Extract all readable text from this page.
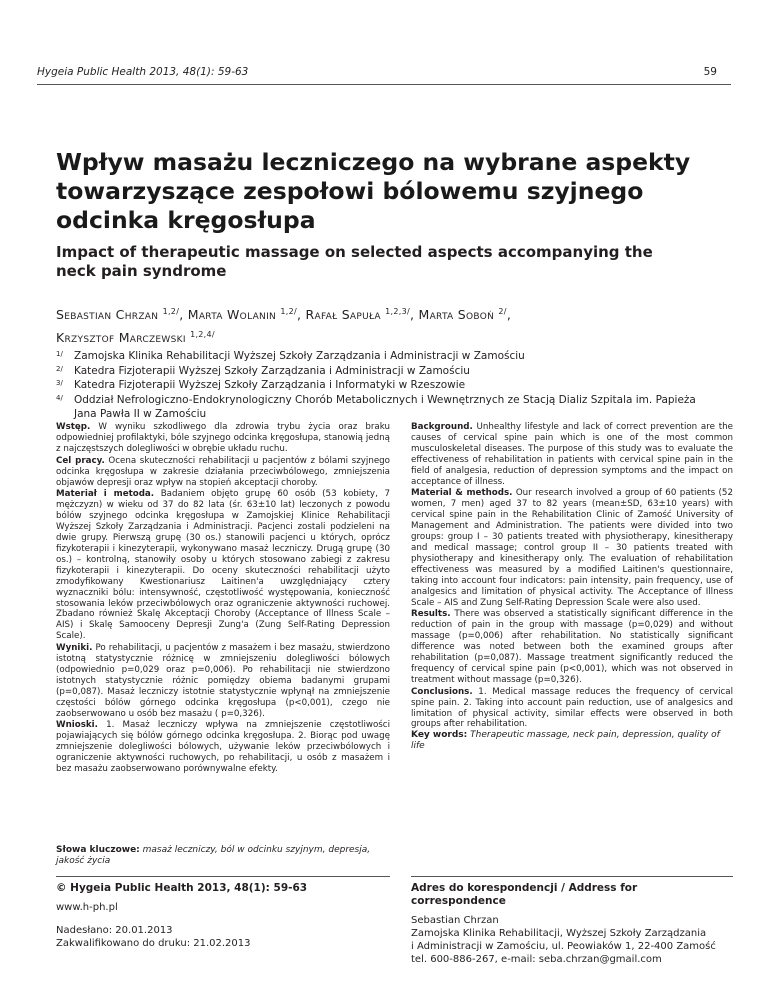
Hygeia Public Health 2013, 48(1): 59-63	59
Wpływ masażu leczniczego na wybrane aspekty towarzyszące zespołowi bólowemu szyjnego odcinka kręgosłupa
Impact of therapeutic massage on selected aspects accompanying the neck pain syndrome
Sebastian Chrzan $^{1,2/}$, Marta Wolanin $^{1,2/}$, Rafał Sapuła $^{1,2,3/}$, Marta Soboń $^{2/}$,
Krzysztof Marczewski $^{1,2,4/}$
1/ Zamojska Klinika Rehabilitacji Wyższej Szkoły Zarządzania i Administracji w Zamościu
2/ Katedra Fizjoterapii Wyższej Szkoły Zarządzania i Administracji w Zamościu
3/ Katedra Fizjoterapii Wyższej Szkoły Zarządzania i Informatyki w Rzeszowie
4/ Oddział Nefrologiczno-Endokrynologiczny Chorób Metabolicznych i Wewnętrznych ze Stacją Dializ Szpitala im. Papieża Jana Pawła II w Zamościu

Wstęp. W wyniku szkodliwego dla zdrowia trybu życia oraz braku odpowiedniej profilaktyki, bóle szyjnego odcinka kręgosłupa, stanowią jedną z najczęstszych dolegliwości w obrębie układu ruchu.

Cel pracy. Ocena skuteczności rehabilitacji u pacjentów z bólami szyjnego odcinka kręgosłupa w zakresie działania przeciwbólowego, zmniejszenia objawów depresji oraz wpływ na stopień akceptacji choroby.

Materiał i metoda. Badaniem objęto grupę 60 osób (53 kobiety, 7 mężczyzn) w wieku od 37 do 82 lata (śr. 63±10 lat) leczonych z powodu bólów szyjnego odcinka kręgosłupa w Zamojskiej Klinice Rehabilitacji Wyższej Szkoły Zarządzania i Administracji. Pacjenci zostali podzieleni na dwie grupy. Pierwszą grupę (30 os.) stanowili pacjenci u których, oprócz fizykoterapii i kinezyterapii, wykonywano masaż leczniczy. Drugą grupę (30 os.) – kontrolną, stanowiły osoby u których stosowano zabiegi z zakresu fizykoterapii i kinezyterapii. Do oceny skuteczności rehabilitacji użyto zmodyfikowany Kwestionariusz Laitinen'a uwzględniający cztery wyznaczniki bólu: intensywność, częstotliwość występowania, konieczność stosowania leków przeciwbólowych oraz ograniczenie aktywności ruchowej. Zbadano również Skalę Akceptacji Choroby (Acceptance of Illness Scale – AIS) i Skalę Samooceny Depresji Zung'a (Zung Self-Rating Depression Scale).

Wyniki. Po rehabilitacji, u pacjentów z masażem i bez masażu, stwierdzono istotną statystycznie różnicę w zmniejszeniu dolegliwości bólowych (odpowiednio p=0,029 oraz p=0,006). Po rehabilitacji nie stwierdzono istotnych statystycznie różnic pomiędzy obiema badanymi grupami (p=0,087). Masaż leczniczy istotnie statystycznie wpłynął na zmniejszenie częstości bólów górnego odcinka kręgosłupa (p<0,001), czego nie zaobserwowano u osób bez masażu ( p=0,326).

Wnioski. 1. Masaż leczniczy wpływa na zmniejszenie częstotliwości pojawiających się bólów górnego odcinka kręgosłupa. 2. Biorąc pod uwagę zmniejszenie dolegliwości bólowych, używanie leków przeciwbólowych i ograniczenie aktywności ruchowych, po rehabilitacji, u osób z masażem i bez masażu zaobserwowano porównywalne efekty.

Background. Unhealthy lifestyle and lack of correct prevention are the causes of cervical spine pain which is one of the most common musculoskeletal diseases. The purpose of this study was to evaluate the effectiveness of rehabilitation in patients with cervical spine pain in the field of analgesia, reduction of depression symptoms and the impact on acceptance of illness.

Material & methods. Our research involved a group of 60 patients (52 women, 7 men) aged 37 to 82 years (mean±SD, 63±10 years) with cervical spine pain in the Rehabilitation Clinic of Zamość University of Management and Administration. The patients were divided into two groups: group I – 30 patients treated with physiotherapy, kinesitherapy and medical massage; control group II – 30 patients treated with physiotherapy and kinesitherapy only. The evaluation of rehabilitation effectiveness was measured by a modified Laitinen's questionnaire, taking into account four indicators: pain intensity, pain frequency, use of analgesics and limitation of physical activity. The Acceptance of Illness Scale – AIS and Zung Self-Rating Depression Scale were also used.

Results. There was observed a statistically significant difference in the reduction of pain in the group with massage (p=0,029) and without massage (p=0,006) after rehabilitation. No statistically significant difference was noted between both the examined groups after rehabilitation (p=0,087). Massage treatment significantly reduced the frequency of cervical spine pain (p<0,001), which was not observed in treatment without massage (p=0,326).

Conclusions. 1. Medical massage reduces the frequency of cervical spine pain. 2. Taking into account pain reduction, use of analgesics and limitation of physical activity, similar effects were observed in both groups after rehabilitation.

Słowa kluczowe: masaż leczniczy, ból w odcinku szyjnym, depresja, jakość życia
Key words: Therapeutic massage, neck pain, depression, quality of life
© Hygeia Public Health 2013, 48(1): 59-63
www.h-ph.pl
Nadesłano: 20.01.2013
Zakwalifikowano do druku: 21.02.2013
Adres do korespondencji / Address for correspondence
Sebastian Chrzan
Zamojska Klinika Rehabilitacji, Wyższej Szkoły Zarządzania
i Administracji w Zamościu, ul. Peowiaków 1, 22-400 Zamość
tel. 600-886-267, e-mail: seba.chrzan@gmail.com
